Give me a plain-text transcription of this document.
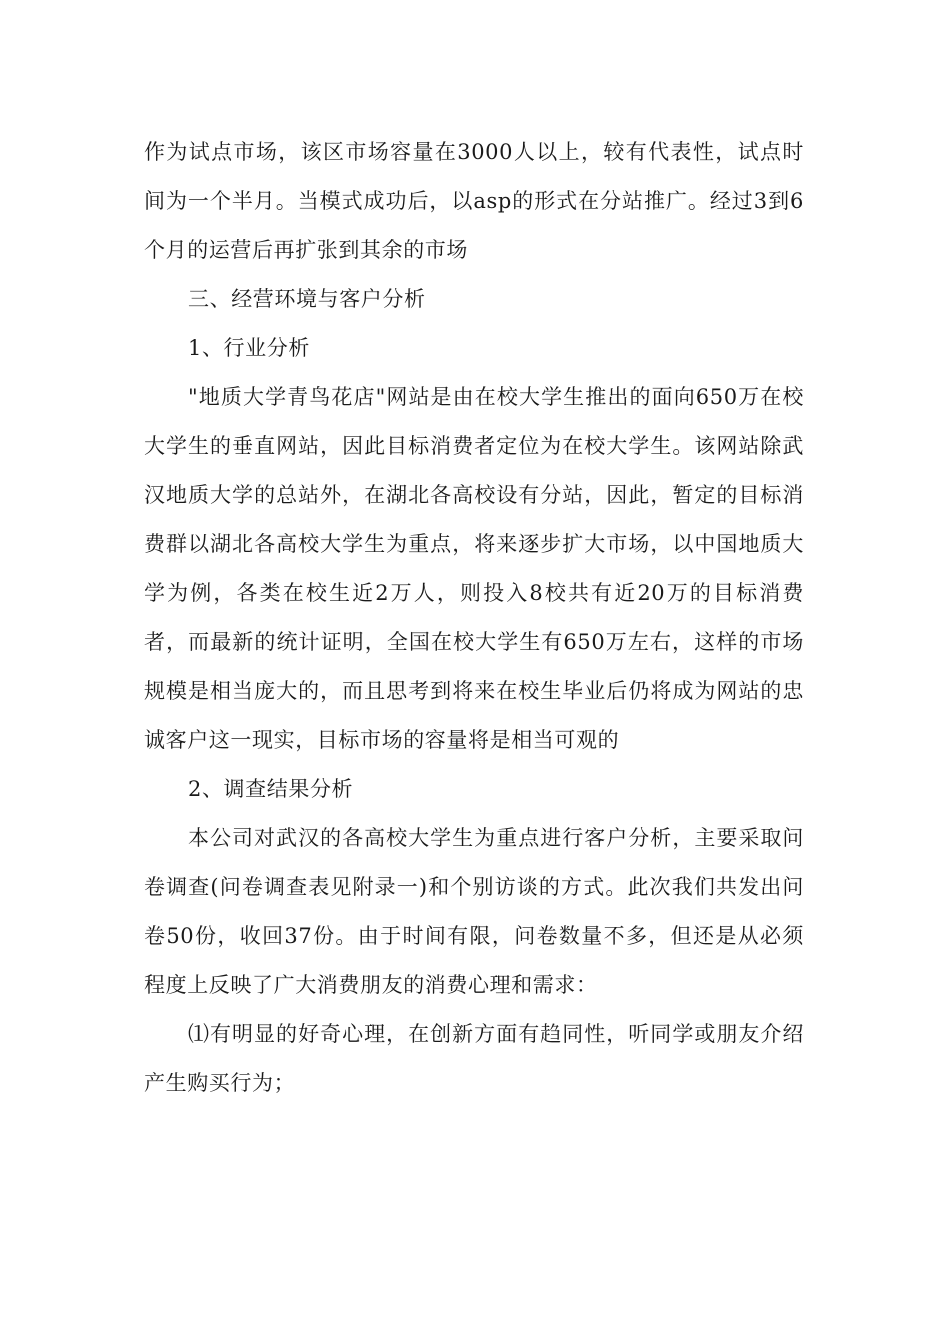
作为试点市场，该区市场容量在3000人以上，较有代表性，试点时间为一个半月。当模式成功后，以asp的形式在分站推广。经过3到6个月的运营后再扩张到其余的市场

三、经营环境与客户分析

1、行业分析

"地质大学青鸟花店"网站是由在校大学生推出的面向650万在校大学生的垂直网站，因此目标消费者定位为在校大学生。该网站除武汉地质大学的总站外，在湖北各高校设有分站，因此，暂定的目标消费群以湖北各高校大学生为重点，将来逐步扩大市场，以中国地质大学为例，各类在校生近2万人，则投入8校共有近20万的目标消费者，而最新的统计证明，全国在校大学生有650万左右，这样的市场规模是相当庞大的，而且思考到将来在校生毕业后仍将成为网站的忠诚客户这一现实，目标市场的容量将是相当可观的

2、调查结果分析

本公司对武汉的各高校大学生为重点进行客户分析，主要采取问卷调查(问卷调查表见附录一)和个别访谈的方式。此次我们共发出问卷50份，收回37份。由于时间有限，问卷数量不多，但还是从必须程度上反映了广大消费朋友的消费心理和需求：

⑴有明显的好奇心理，在创新方面有趋同性，听同学或朋友介绍产生购买行为；
